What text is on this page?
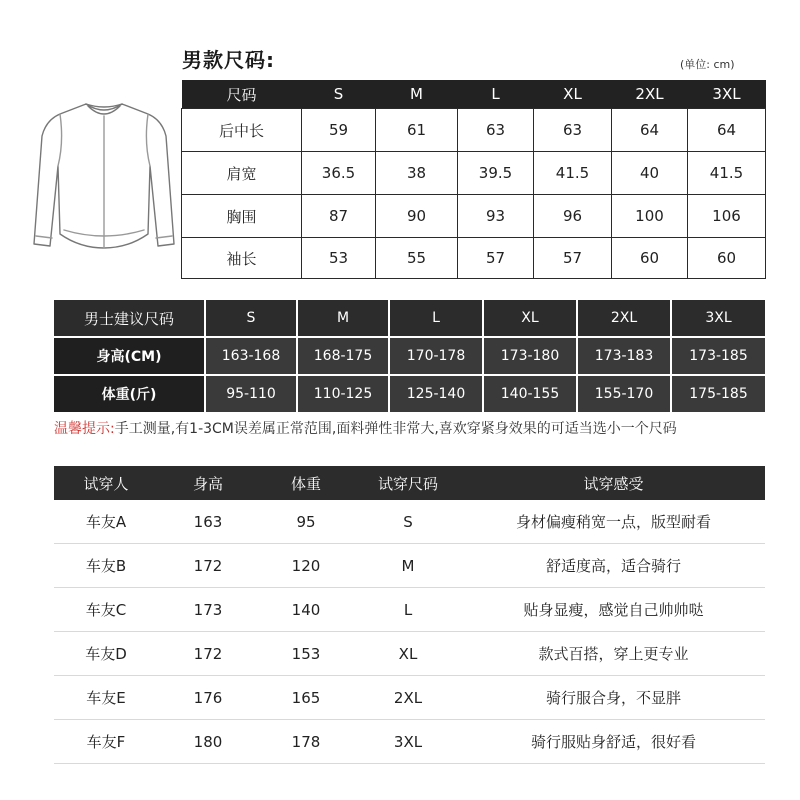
男款尺码:	(单位: cm)
尺码	S	M	L	XL	2XL	3XL
后中长	59	61	63	63	64	64
肩宽	36.5	38	39.5	41.5	40	41.5
胸围	87	90	93	96	100	106
袖长	53	55	57	57	60	60
男士建议尺码	S	M	L	XL	2XL	3XL
身高(CM)	163-168	168-175	170-178	173-180	173-183	173-185
体重(斤)	95-110	110-125	125-140	140-155	155-170	175-185
温馨提示:手工测量,有1-3CM误差属正常范围,面料弹性非常大,喜欢穿紧身效果的可适当选小一个尺码
试穿人	身高	体重	试穿尺码	试穿感受
车友A	163	95	S	身材偏瘦稍宽一点，版型耐看
车友B	172	120	M	舒适度高，适合骑行
车友C	173	140	L	贴身显瘦，感觉自己帅帅哒
车友D	172	153	XL	款式百搭，穿上更专业
车友E	176	165	2XL	骑行服合身，不显胖
车友F	180	178	3XL	骑行服贴身舒适，很好看
